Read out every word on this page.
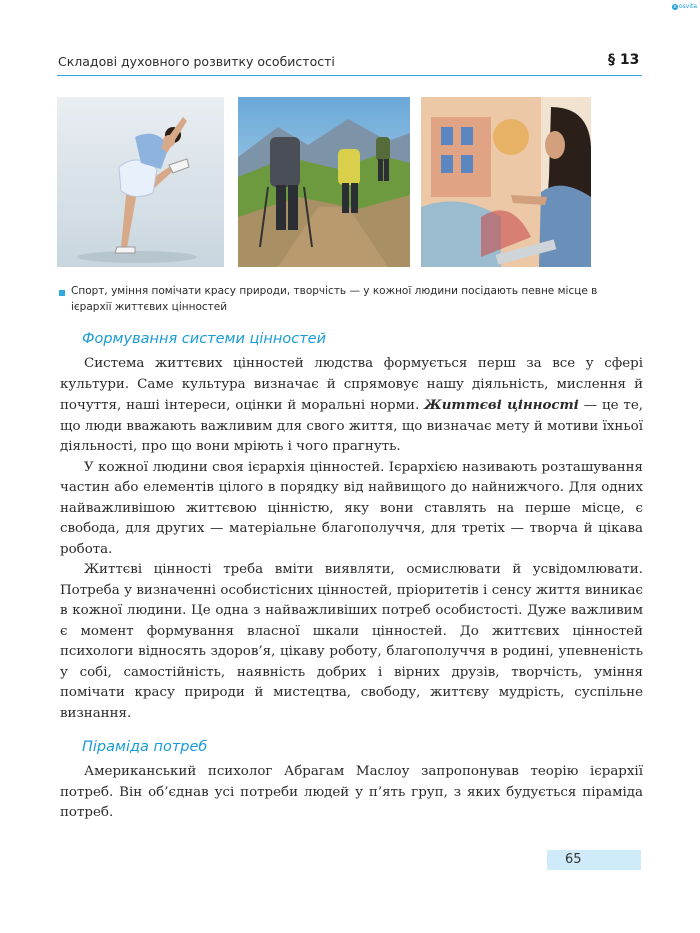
e osvita
Складові духовного розвитку особистості	§ 13
Спорт, уміння помічати красу природи, творчість — у кожної людини посідають певне місце в ієрархії життєвих цінностей
Формування системи цінностей

Система життєвих цінностей людства формується перш за все у сфері культури. Саме культура визначає й спрямовує нашу діяльність, мислення й почуття, наші інтереси, оцінки й моральні норми. Життєві цінності — це те, що люди вважають важливим для свого життя, що визначає мету й мотиви їхньої діяльності, про що вони мріють і чого прагнуть.

У кожної людини своя ієрархія цінностей. Ієрархією називають розташування частин або елементів цілого в порядку від найвищого до найнижчого. Для одних найважливішою життєвою цінністю, яку вони ставлять на перше місце, є свобода, для других — матеріальне благополуччя, для третіх — творча й цікава робота.

Життєві цінності треба вміти виявляти, осмислювати й усвідомлювати. Потреба у визначенні особистісних цінностей, пріоритетів і сенсу життя виникає в кожної людини. Це одна з найважливіших потреб особистості. Дуже важливим є момент формування власної шкали цінностей. До життєвих цінностей психологи відносять здоров’я, цікаву роботу, благополуччя в родині, упевненість у собі, самостійність, наявність добрих і вірних друзів, творчість, уміння помічати красу природи й мистецтва, свободу, життєву мудрість, суспільне визнання.

Піраміда потреб

Американський психолог Абрагам Маслоу запропонував теорію ієрархії потреб. Він об’єднав усі потреби людей у п’ять груп, з яких будується піраміда потреб.

65
